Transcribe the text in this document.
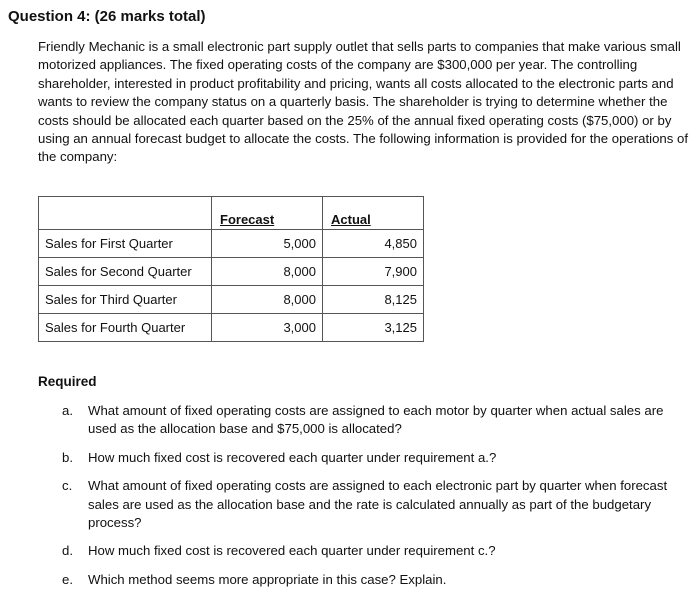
Question 4: (26 marks total)

Friendly Mechanic is a small electronic part supply outlet that sells parts to companies that make various small motorized appliances. The fixed operating costs of the company are $300,000 per year. The controlling shareholder, interested in product profitability and pricing, wants all costs allocated to the electronic parts and wants to review the company status on a quarterly basis. The shareholder is trying to determine whether the costs should be allocated each quarter based on the 25% of the annual fixed operating costs ($75,000) or by using an annual forecast budget to allocate the costs. The following information is provided for the operations of the company:

	Forecast	Actual
Sales for First Quarter	5,000	4,850
Sales for Second Quarter	8,000	7,900
Sales for Third Quarter	8,000	8,125
Sales for Fourth Quarter	3,000	3,125
Required
a.	What amount of fixed operating costs are assigned to each motor by quarter when actual sales are used as the allocation base and $75,000 is allocated?
b.	How much fixed cost is recovered each quarter under requirement a.?
c.	What amount of fixed operating costs are assigned to each electronic part by quarter when forecast sales are used as the allocation base and the rate is calculated annually as part of the budgetary process?
d.	How much fixed cost is recovered each quarter under requirement c.?
e.	Which method seems more appropriate in this case? Explain.
